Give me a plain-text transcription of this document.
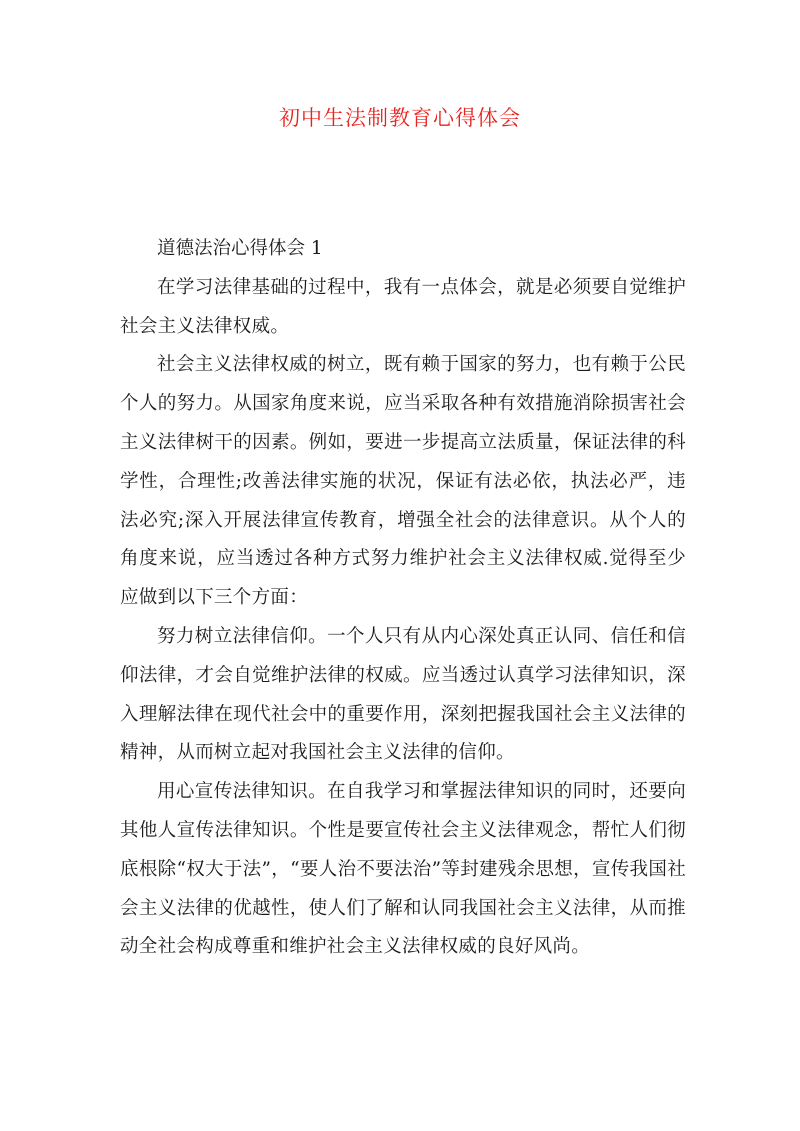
初中生法制教育心得体会

道德法治心得体会 1

在学习法律基础的过程中，我有一点体会，就是必须要自觉维护社会主义法律权威。

社会主义法律权威的树立，既有赖于国家的努力，也有赖于公民个人的努力。从国家角度来说，应当采取各种有效措施消除损害社会主义法律树干的因素。例如，要进一步提高立法质量，保证法律的科学性，合理性;改善法律实施的状况，保证有法必依，执法必严，违法必究;深入开展法律宣传教育，增强全社会的法律意识。从个人的角度来说，应当透过各种方式努力维护社会主义法律权威.觉得至少应做到以下三个方面：

努力树立法律信仰。一个人只有从内心深处真正认同、信任和信仰法律，才会自觉维护法律的权威。应当透过认真学习法律知识，深入理解法律在现代社会中的重要作用，深刻把握我国社会主义法律的精神，从而树立起对我国社会主义法律的信仰。

用心宣传法律知识。在自我学习和掌握法律知识的同时，还要向其他人宣传法律知识。个性是要宣传社会主义法律观念，帮忙人们彻底根除“权大于法”，“要人治不要法治”等封建残余思想，宣传我国社会主义法律的优越性，使人们了解和认同我国社会主义法律，从而推动全社会构成尊重和维护社会主义法律权威的良好风尚。
